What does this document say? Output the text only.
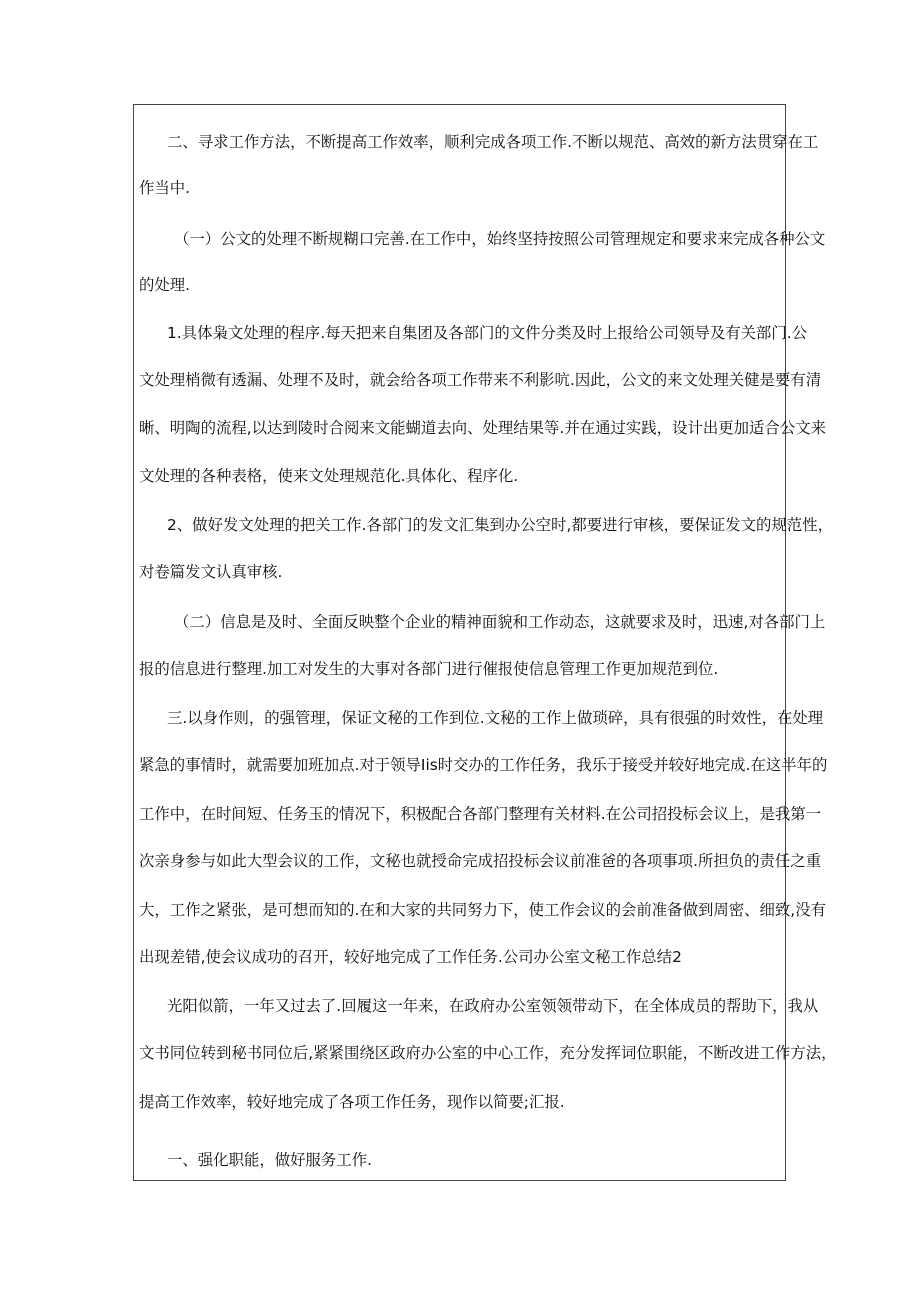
二、寻求工作方法，不断提高工作效率，顺利完成各项工作.不断以规范、高效的新方法贯穿在工
作当中.
（一）公文的处理不断规糊口完善.在工作中，始终坚持按照公司管理规定和要求来完成各种公文
的处理.
1.具体枭文处理的程序.每天把来自集团及各部门的文件分类及时上报给公司领导及有关部门.公
文处理梢微有透漏、处理不及时，就会给各项工作带来不利影吭.因此，公文的来文处理关健是要有清
晰、明陶的流程,以达到陵时合阅来文能蝴道去向、处理结果等.并在通过实践，设计出更加适合公文来
文处理的各种表格，使来文处理规范化.具体化、程序化.
2、做好发文处理的把关工作.各部门的发文汇集到办公空时,都要进行审核，要保证发文的规范性，
对卷篇发文认真审核.
（二）信息是及时、全面反映整个企业的精神面貌和工作动态，这就要求及时，迅速,对各部门上
报的信息进行整理.加工对发生的大事对各部门进行催报使信息管理工作更加规范到位.
三.以身作则，的强管理，保证文秘的工作到位.文秘的工作上做琐碎，具有很强的时效性，在处理
紧急的事情时，就需要加班加点.对于领导Iis时交办的工作任务，我乐于接受并较好地完成.在这半年的
工作中，在时间短、任务玉的情况下，积极配合各部门整理有关材料.在公司招投标会议上，是我第一
次亲身参与如此大型会议的工作，文秘也就授命完成招投标会议前准爸的各项事项.所担负的责任之重
大，工作之紧张，是可想而知的.在和大家的共同努力下，使工作会议的会前准备做到周密、细致,没有
出现差错,使会议成功的召开，较好地完成了工作任务.公司办公室文秘工作总结2
光阳似箭，一年又过去了.回履这一年来，在政府办公室领领带动下，在全体成员的帮助下，我从
文书同位转到秘书同位后,紧紧围绕区政府办公室的中心工作，充分发挥词位职能，不断改进工作方法，
提高工作效率，较好地完成了各项工作任务，现作以简要;汇报.
一、强化职能，做好服务工作.
